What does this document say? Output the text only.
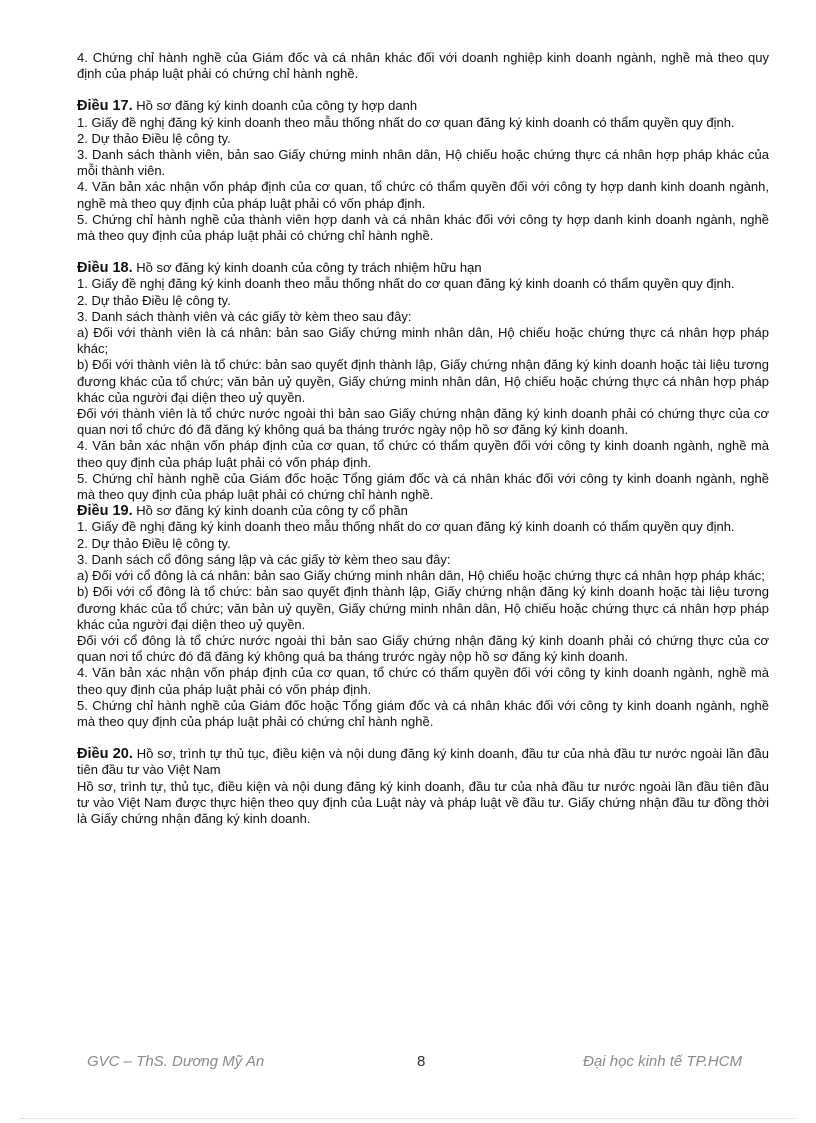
4. Chứng chỉ hành nghề của Giám đốc và cá nhân khác đối với doanh nghiệp kinh doanh ngành, nghề mà theo quy định của pháp luật phải có chứng chỉ hành nghề.

Điều 17. Hồ sơ đăng ký kinh doanh của công ty hợp danh

1. Giấy đề nghị đăng ký kinh doanh theo mẫu thống nhất do cơ quan đăng ký kinh doanh có thẩm quyền quy định.

2. Dự thảo Điều lệ công ty.

3. Danh sách thành viên, bản sao Giấy chứng minh nhân dân, Hộ chiếu hoặc chứng thực cá nhân hợp pháp khác của mỗi thành viên.

4. Văn bản xác nhận vốn pháp định của cơ quan, tổ chức có thẩm quyền đối với công ty hợp danh kinh doanh ngành, nghề mà theo quy định của pháp luật phải có vốn pháp định.

5. Chứng chỉ hành nghề của thành viên hợp danh và cá nhân khác đối với công ty hợp danh kinh doanh ngành, nghề mà theo quy định của pháp luật phải có chứng chỉ hành nghề.

Điều 18. Hồ sơ đăng ký kinh doanh của công ty trách nhiệm hữu hạn

1. Giấy đề nghị đăng ký kinh doanh theo mẫu thống nhất do cơ quan đăng ký kinh doanh có thẩm quyền quy định.

2. Dự thảo Điều lệ công ty.

3. Danh sách thành viên và các giấy tờ kèm theo sau đây:

a) Đối với thành viên là cá nhân: bản sao Giấy chứng minh nhân dân, Hộ chiếu hoặc chứng thực cá nhân hợp pháp khác;

b) Đối với thành viên là tổ chức: bản sao quyết định thành lập, Giấy chứng nhận đăng ký kinh doanh hoặc tài liệu tương đương khác của tổ chức; văn bản uỷ quyền, Giấy chứng minh nhân dân, Hộ chiếu hoặc chứng thực cá nhân hợp pháp khác của người đại diện theo uỷ quyền.

Đối với thành viên là tổ chức nước ngoài thì bản sao Giấy chứng nhận đăng ký kinh doanh phải có chứng thực của cơ quan nơi tổ chức đó đã đăng ký không quá ba tháng trước ngày nộp hồ sơ đăng ký kinh doanh.

4. Văn bản xác nhận vốn pháp định của cơ quan, tổ chức có thẩm quyền đối với công ty kinh doanh ngành, nghề mà theo quy định của pháp luật phải có vốn pháp định.

5. Chứng chỉ hành nghề của Giám đốc hoặc Tổng giám đốc và cá nhân khác đối với công ty kinh doanh ngành, nghề mà theo quy định của pháp luật phải có chứng chỉ hành nghề.

Điều 19. Hồ sơ đăng ký kinh doanh của công ty cổ phần

1. Giấy đề nghị đăng ký kinh doanh theo mẫu thống nhất do cơ quan đăng ký kinh doanh có thẩm quyền quy định.

2. Dự thảo Điều lệ công ty.

3. Danh sách cổ đông sáng lập và các giấy tờ kèm theo sau đây:

a) Đối với cổ đông là cá nhân: bản sao Giấy chứng minh nhân dân, Hộ chiếu hoặc chứng thực cá nhân hợp pháp khác;

b) Đối với cổ đông là tổ chức: bản sao quyết định thành lập, Giấy chứng nhận đăng ký kinh doanh hoặc tài liệu tương đương khác của tổ chức; văn bản uỷ quyền, Giấy chứng minh nhân dân, Hộ chiếu hoặc chứng thực cá nhân hợp pháp khác của người đại diện theo uỷ quyền.

Đối với cổ đông là tổ chức nước ngoài thì bản sao Giấy chứng nhận đăng ký kinh doanh phải có chứng thực của cơ quan nơi tổ chức đó đã đăng ký không quá ba tháng trước ngày nộp hồ sơ đăng ký kinh doanh.

4. Văn bản xác nhận vốn pháp định của cơ quan, tổ chức có thẩm quyền đối với công ty kinh doanh ngành, nghề mà theo quy định của pháp luật phải có vốn pháp định.

5. Chứng chỉ hành nghề của Giám đốc hoặc Tổng giám đốc và cá nhân khác đối với công ty kinh doanh ngành, nghề mà theo quy định của pháp luật phải có chứng chỉ hành nghề.

Điều 20. Hồ sơ, trình tự thủ tục, điều kiện và nội dung đăng ký kinh doanh, đầu tư của nhà đầu tư nước ngoài lần đầu tiên đầu tư vào Việt Nam

Hồ sơ, trình tự, thủ tục, điều kiện và nội dung đăng ký kinh doanh, đầu tư của nhà đầu tư nước ngoài lần đầu tiên đầu tư vào Việt Nam được thực hiện theo quy định của Luật này và pháp luật về đầu tư. Giấy chứng nhận đầu tư đồng thời là Giấy chứng nhận đăng ký kinh doanh.

GVC – ThS. Dương Mỹ An	8	Đại học kinh tế TP.HCM
